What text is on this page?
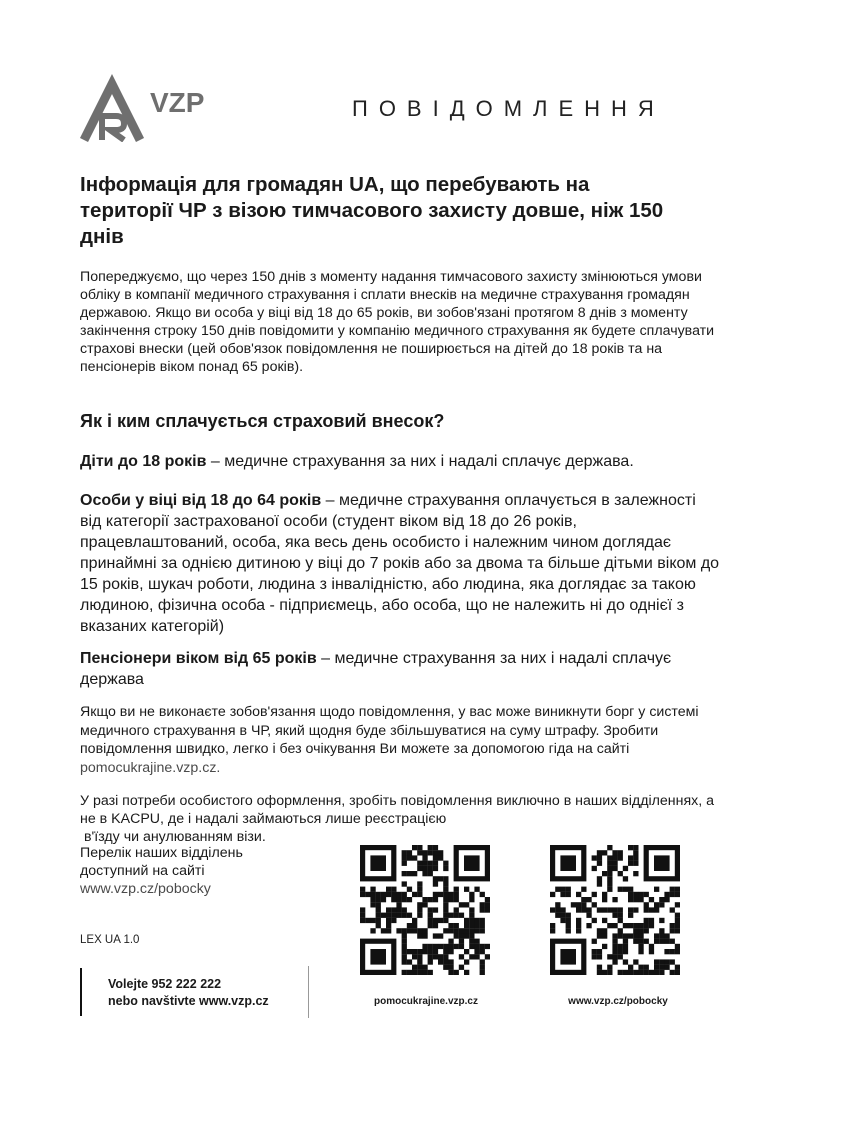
VZP	ПОВІДОМЛЕННЯ
Інформація для громадян UA, що перебувають на території ЧР з візою тимчасового захисту довше, ніж 150 днів
Попереджуємо, що через 150 днів з моменту надання тимчасового захисту змінюються умови обліку в компанії медичного страхування і сплати внесків на медичне страхування громадян державою. Якщо ви особа у віці від 18 до 65 років, ви зобов'язані протягом 8 днів з моменту закінчення строку 150 днів повідомити у компанію медичного страхування як будете сплачувати страхові внески (цей обов'язок повідомлення не поширюється на дітей до 18 років та на пенсіонерів віком понад 65 років).
Як і ким сплачується страховий внесок?
Діти до 18 років – медичне страхування за них і надалі сплачує держава.
Особи у віці від 18 до 64 років – медичне страхування оплачується в залежності від категорії застрахованої особи (студент віком від 18 до 26 років, працевлаштований, особа, яка весь день особисто і належним чином доглядає принаймні за однією дитиною у віці до 7 років або за двома та більше дітьми віком до 15 років, шукач роботи, людина з інвалідністю, або людина, яка доглядає за такою людиною, фізична особа - підприємець, або особа, що не належить ні до однієї з вказаних категорій)
Пенсіонери віком від 65 років – медичне страхування за них і надалі сплачує держава
Якщо ви не виконаєте зобов'язання щодо повідомлення, у вас може виникнути борг у системі медичного страхування в ЧР, який щодня буде збільшуватися на суму штрафу. Зробити повідомлення швидко, легко і без очікування Ви можете за допомогою гіда на сайті pomocukrajine.vzp.cz.
У разі потреби особистого оформлення, зробіть повідомлення виключно в наших відділеннях, а не в KACPU, де і надалі займаються лише реєстрацією
в'їзду чи анулюванням візи.
Перелік наших відділень
доступний на сайті
www.vzp.cz/pobocky
LEX UA 1.0
Volejte 952 222 222
nebo navštivte www.vzp.cz	pomocukrajine.vzp.cz	www.vzp.cz/pobocky
